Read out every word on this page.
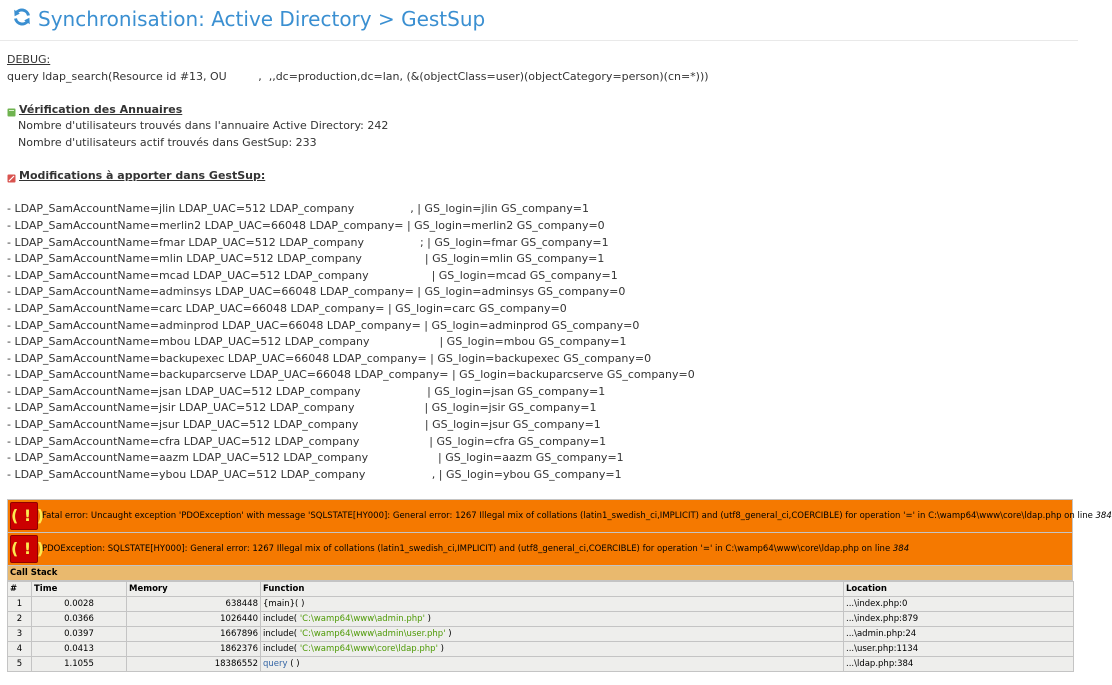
Synchronisation: Active Directory > GestSup
DEBUG:
query ldap_search(Resource id #13, OU         ,  ,,dc=production,dc=lan, (&(objectClass=user)(objectCategory=person)(cn=*)))
Vérification des Annuaires
Nombre d'utilisateurs trouvés dans l'annuaire Active Directory: 242
Nombre d'utilisateurs actif trouvés dans GestSup: 233
Modifications à apporter dans GestSup:
- LDAP_SamAccountName=jlin LDAP_UAC=512 LDAP_company                , | GS_login=jlin GS_company=1
- LDAP_SamAccountName=merlin2 LDAP_UAC=66048 LDAP_company= | GS_login=merlin2 GS_company=0
- LDAP_SamAccountName=fmar LDAP_UAC=512 LDAP_company                ; | GS_login=fmar GS_company=1
- LDAP_SamAccountName=mlin LDAP_UAC=512 LDAP_company                  | GS_login=mlin GS_company=1
- LDAP_SamAccountName=mcad LDAP_UAC=512 LDAP_company                  | GS_login=mcad GS_company=1
- LDAP_SamAccountName=adminsys LDAP_UAC=66048 LDAP_company= | GS_login=adminsys GS_company=0
- LDAP_SamAccountName=carc LDAP_UAC=66048 LDAP_company= | GS_login=carc GS_company=0
- LDAP_SamAccountName=adminprod LDAP_UAC=66048 LDAP_company= | GS_login=adminprod GS_company=0
- LDAP_SamAccountName=mbou LDAP_UAC=512 LDAP_company                    | GS_login=mbou GS_company=1
- LDAP_SamAccountName=backupexec LDAP_UAC=66048 LDAP_company= | GS_login=backupexec GS_company=0
- LDAP_SamAccountName=backuparcserve LDAP_UAC=66048 LDAP_company= | GS_login=backuparcserve GS_company=0
- LDAP_SamAccountName=jsan LDAP_UAC=512 LDAP_company                   | GS_login=jsan GS_company=1
- LDAP_SamAccountName=jsir LDAP_UAC=512 LDAP_company                    | GS_login=jsir GS_company=1
- LDAP_SamAccountName=jsur LDAP_UAC=512 LDAP_company                   | GS_login=jsur GS_company=1
- LDAP_SamAccountName=cfra LDAP_UAC=512 LDAP_company                    | GS_login=cfra GS_company=1
- LDAP_SamAccountName=aazm LDAP_UAC=512 LDAP_company                    | GS_login=aazm GS_company=1
- LDAP_SamAccountName=ybou LDAP_UAC=512 LDAP_company                   , | GS_login=ybou GS_company=1
( ! )
Fatal error: Uncaught exception 'PDOException' with message 'SQLSTATE[HY000]: General error: 1267 Illegal mix of collations (latin1_swedish_ci,IMPLICIT) and (utf8_general_ci,COERCIBLE) for operation '=' in C:\wamp64\www\core\ldap.php on line 384
( ! )
PDOException: SQLSTATE[HY000]: General error: 1267 Illegal mix of collations (latin1_swedish_ci,IMPLICIT) and (utf8_general_ci,COERCIBLE) for operation '=' in C:\wamp64\www\core\ldap.php on line 384
Call Stack
#	Time	Memory	Function	Location
1	0.0028	638448	{main}( )	...\index.php:0
2	0.0366	1026440	include( 'C:\wamp64\www\admin.php' )	...\index.php:879
3	0.0397	1667896	include( 'C:\wamp64\www\admin\user.php' )	...\admin.php:24
4	0.0413	1862376	include( 'C:\wamp64\www\core\ldap.php' )	...\user.php:1134
5	1.1055	18386552	query ( )	...\ldap.php:384
